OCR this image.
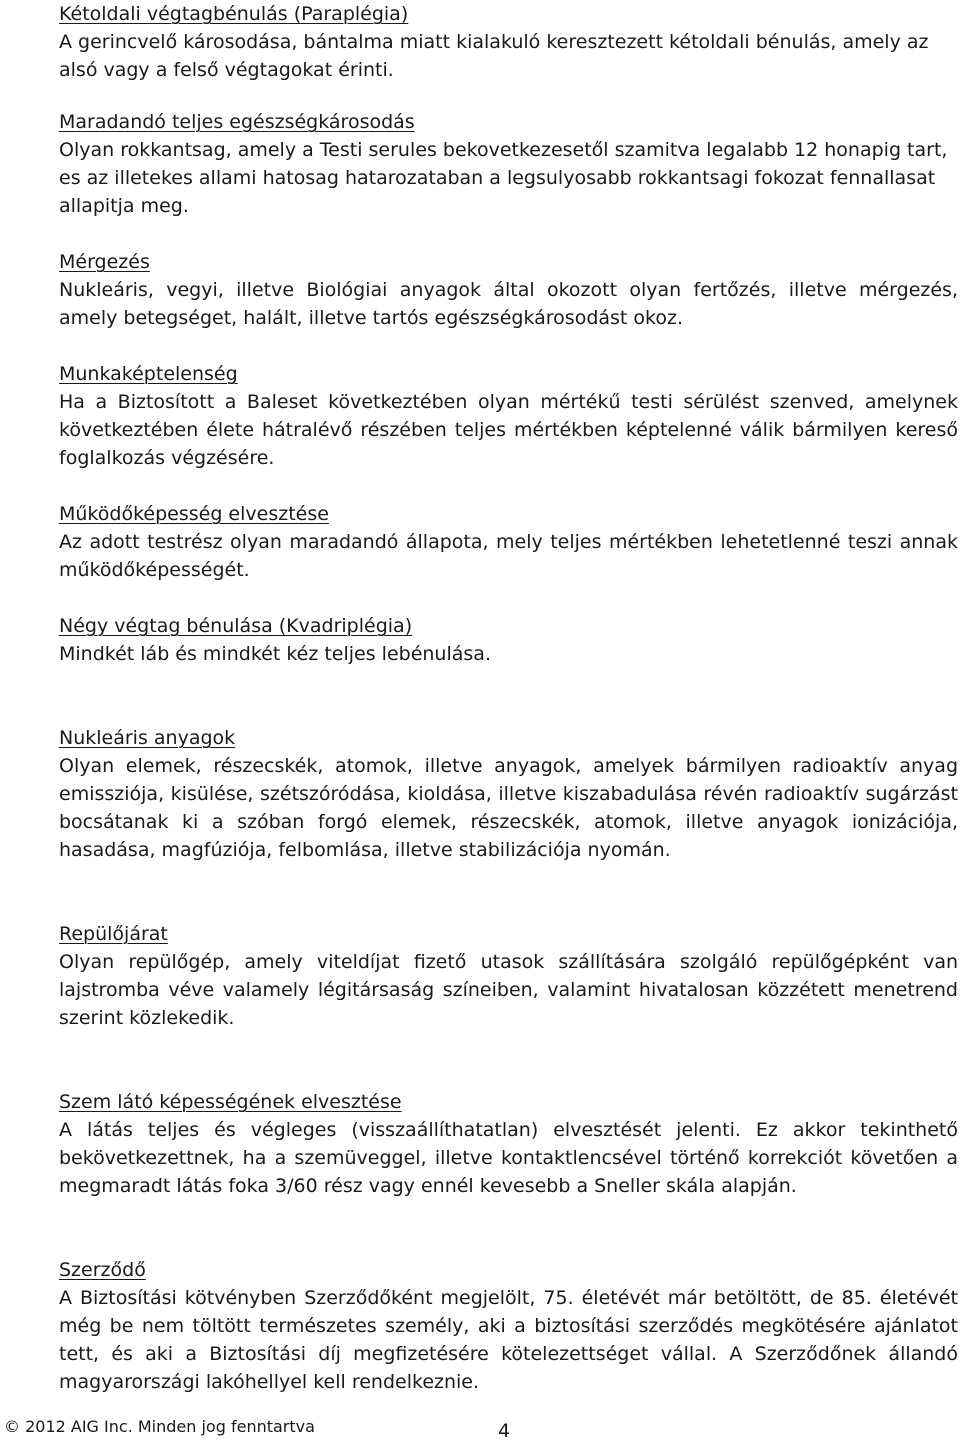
Kétoldali végtagbénulás (Paraplégia)
A gerincvelő károsodása, bántalma miatt kialakuló keresztezett kétoldali bénulás, amely az alsó vagy a felső végtagokat érinti.
Maradandó teljes egészségkárosodás
Olyan rokkantsag, amely a Testi serules bekovetkezesetől szamitva legalabb 12 honapig tart, es az illetekes allami hatosag hatarozataban a legsulyosabb rokkantsagi fokozat fennallasat allapitja meg.
Mérgezés
Nukleáris, vegyi, illetve Biológiai anyagok által okozott olyan fertőzés, illetve mérgezés, amely betegséget, halált, illetve tartós egészségkárosodást okoz.
Munkaképtelenség
Ha a Biztosított a Baleset következtében olyan mértékű testi sérülést szenved, amelynek következtében élete hátralévő részében teljes mértékben képtelenné válik bármilyen kereső foglalkozás végzésére.
Működőképesség elvesztése
Az adott testrész olyan maradandó állapota, mely teljes mértékben lehetetlenné teszi annak működőképességét.
Négy végtag bénulása (Kvadriplégia)
Mindkét láb és mindkét kéz teljes lebénulása.
Nukleáris anyagok
Olyan elemek, részecskék, atomok, illetve anyagok, amelyek bármilyen radioaktív anyag emissziója, kisülése, szétszóródása, kioldása, illetve kiszabadulása révén radioaktív sugárzást bocsátanak ki a szóban forgó elemek, részecskék, atomok, illetve anyagok ionizációja, hasadása, magfúziója, felbomlása, illetve stabilizációja nyomán.
Repülőjárat
Olyan repülőgép, amely viteldíjat fizető utasok szállítására szolgáló repülőgépként van lajstromba véve valamely légitársaság színeiben, valamint hivatalosan közzétett menetrend szerint közlekedik.
Szem látó képességének elvesztése
A látás teljes és végleges (visszaállíthatatlan) elvesztését jelenti. Ez akkor tekinthető bekövetkezettnek, ha a szemüveggel, illetve kontaktlencsével történő korrekciót követően a megmaradt látás foka 3/60 rész vagy ennél kevesebb a Sneller skála alapján.
Szerződő
A Biztosítási kötvényben Szerződőként megjelölt, 75. életévét már betöltött, de 85. életévét még be nem töltött természetes személy, aki a biztosítási szerződés megkötésére ajánlatot tett, és aki a Biztosítási díj megfizetésére kötelezettséget vállal. A Szerződőnek állandó magyarországi lakóhellyel kell rendelkeznie.
© 2012 AIG Inc. Minden jog fenntartva	4
